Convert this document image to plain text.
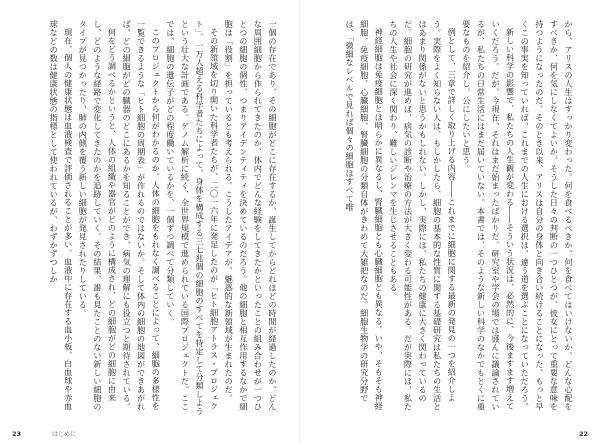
一個の存在であり、その細胞がどこに存在するか、誕生してからどれほどの時間が経過したのか、どんな周囲細胞から作られてきたのか、体内でどんな経験をしてきたかといったことの組み合わせが一つひとつの細胞の個性、つまりアイデンティティを決めているのだろう。他の細胞と相互作用するなかで細胞は「役割」を担っているとも考えられる。こうしたアイデアが、魅惑的な新領域が生まれたのだ。

その新領域を切り開いた科学者たちが、二〇一六年に発足したのが「ヒト細胞アトラス・プロジェクト」。一万人超える科学者たちによって、身体を構成する三七兆個の細胞のすべてを特定して分類しようという壮大な計画である。ゲノム解析に続く、全世界規模で進められている国際プロジェクトだ。ここでは、細胞の遺伝子がどの程度働いているかを、一個ずつ調べて分類していく。

このプロジェクトから何がわかるのか。人体の細胞をもれなく調べることによって、細胞の多様性を一覧できるような「ヒト細胞の周期表」が作れるのではないか。そして体内の細胞の地図ができあがれば、どの細胞がどの臓器のどこにあるかを知ることができ、病気の理解にも役立つと期待されている。

何をどう調べるかというと、人体の組織や器官がどのように構成され、どの細胞がどの細胞に由来し、どのような経路で変化してきたのかを追跡していく。その結果、誰も見たことのない新しい細胞のタイプが見つかったり、肺の内側を覆う新しい細胞が発見されたりしている。

現在、個人の健康状態は血液検査で評価されることが多い。血液中に存在する血小板、白血球や赤血球などの数は健康状態の指標として使われているが、わずかずつしか

23	はじめに

から、アリスの人生はすっかり変わった。何を食べるべきか、何を食べてはいけないか、どんな心配をすべきか、何を気にしなくてよいか。そうした日々の判断の一つひとつが、彼女にとって重要な意味を持つようになったのだ。そのとき以来、アリスは自分の身体と向き合い続けることになった。もっと早くこの事実を知っていれば、これまでの人生における選択は、違う道を選ぶことになっていただろう。

新しい科学の影響で、私たちの人生観が変わる――そういう状況は、必然的に、今後ますます増えていくだろう。だが、今現在、それはまだ始まったばかりだ。研究室や学会の場では盛んに議論されているが、私たちの日常生活にはまだ届いていない。本書では、そのような新しい科学のなかでもとくに重要なものを紹介し、公にしたいと思う。

例として、三章で詳しく取り上げる内容――これまでに細胞に関する最新の発見の一つを紹介しよう。実際をよく知らない人は、もしかしたら、細胞の基本的な性質に関する基礎研究は私たちの生活とはあまり関係がないと思うかもしれない。しかし、実際には、私たちの健康に大きく関わっているのだ。細胞の研究が進めば、病気の診断や治療の方法が大きく変わる可能性がある。だが実際には、私たちの人生や社会に深く関わり、難しいジレンマを生じさせることもある。

神経細胞は免疫細胞とは明らかに異なるし、腎臓細胞とも心臓細胞とも異なる。いや、そもそも神経細胞、免疫細胞、心臓細胞、腎臓細胞の分類自体がきわめて大雑把なのだ。細胞生物学の研究分野では、「微細なレベルで見れば個々の細胞はすべて唯

22
